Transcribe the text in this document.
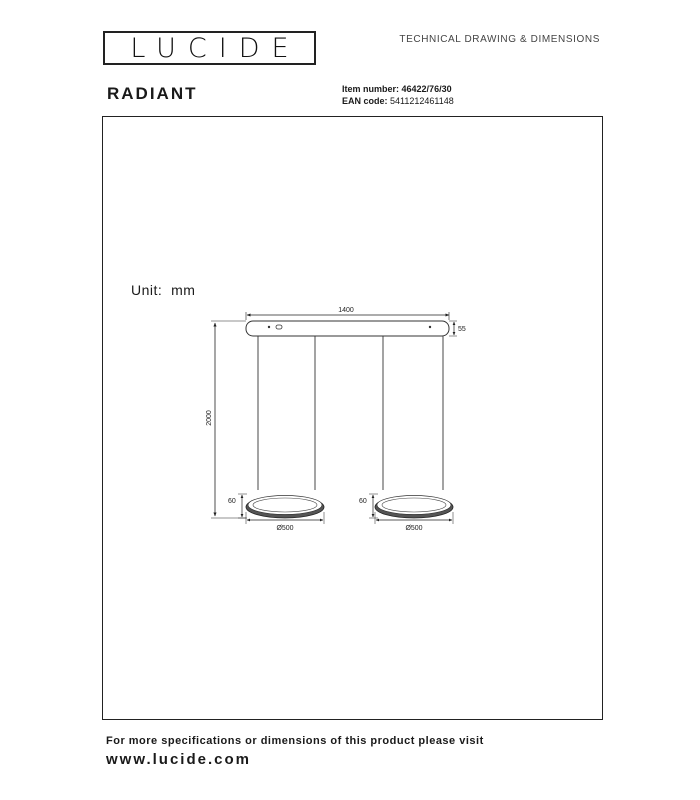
LUCIDE	TECHNICAL DRAWING & DIMENSIONS
RADIANT	Item number: 46422/76/30
EAN code: 5411212461148
Unit: mm
1400
55
2000
60	60
Ø500	Ø500
For more specifications or dimensions of this product please visit
www.lucide.com
